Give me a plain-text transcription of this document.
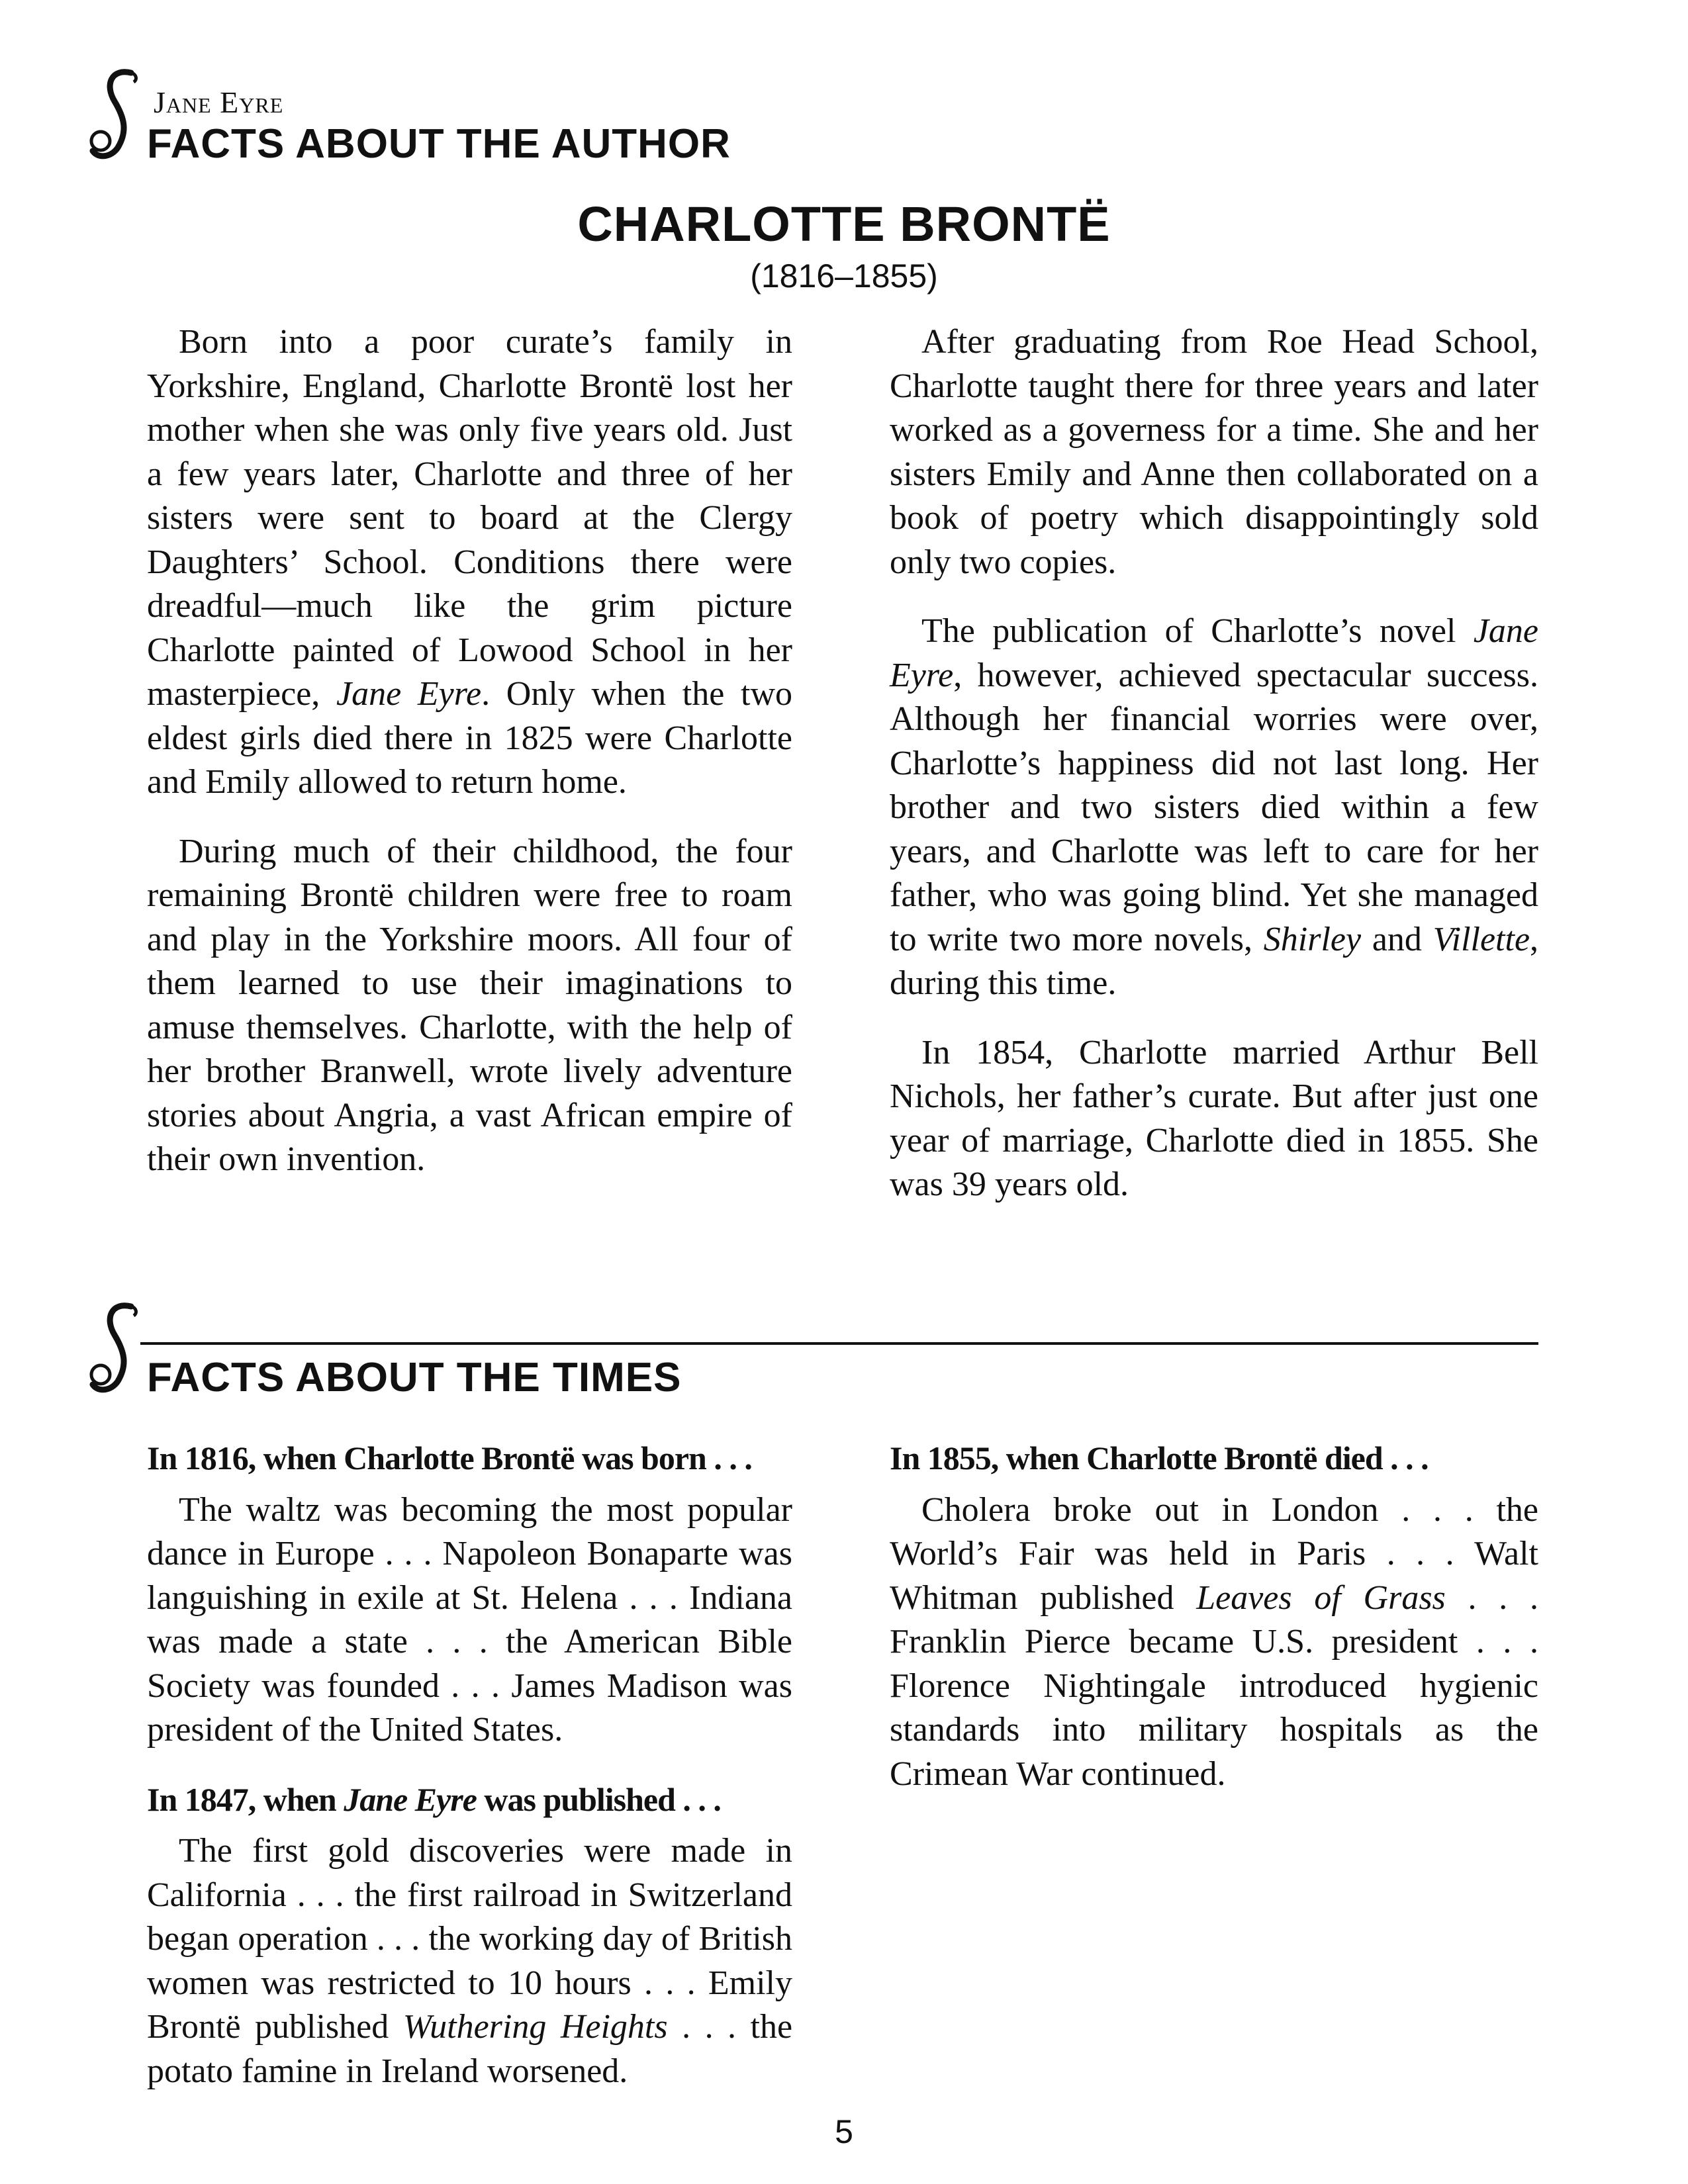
Jane Eyre
FACTS ABOUT THE AUTHOR
CHARLOTTE BRONTË
(1816–1855)

Born into a poor curate’s family in Yorkshire, England, Charlotte Brontë lost her mother when she was only five years old. Just a few years later, Charlotte and three of her sisters were sent to board at the Clergy Daughters’ School. Conditions there were dreadful—much like the grim picture Charlotte painted of Lowood School in her masterpiece, Jane Eyre. Only when the two eldest girls died there in 1825 were Charlotte and Emily allowed to return home.

During much of their childhood, the four remaining Brontë children were free to roam and play in the Yorkshire moors. All four of them learned to use their imaginations to amuse themselves. Charlotte, with the help of her brother Branwell, wrote lively adventure stories about Angria, a vast African empire of their own invention.

After graduating from Roe Head School, Charlotte taught there for three years and later worked as a governess for a time. She and her sisters Emily and Anne then collaborated on a book of poetry which disappointingly sold only two copies.

The publication of Charlotte’s novel Jane Eyre, however, achieved spectacular success. Although her financial worries were over, Charlotte’s happiness did not last long. Her brother and two sisters died within a few years, and Charlotte was left to care for her father, who was going blind. Yet she managed to write two more novels, Shirley and Villette, during this time.

In 1854, Charlotte married Arthur Bell Nichols, her father’s curate. But after just one year of marriage, Charlotte died in 1855. She was 39 years old.

FACTS ABOUT THE TIMES
In 1816, when Charlotte Brontë was born . . .

The waltz was becoming the most popular dance in Europe . . . Napoleon Bonaparte was languishing in exile at St. Helena . . . Indiana was made a state . . . the American Bible Society was founded . . . James Madison was president of the United States.

In 1847, when Jane Eyre was published . . .

The first gold discoveries were made in California . . . the first railroad in Switzerland began operation . . . the working day of British women was restricted to 10 hours . . . Emily Brontë published Wuthering Heights . . . the potato famine in Ireland worsened.

In 1855, when Charlotte Brontë died . . .

Cholera broke out in London . . . the World’s Fair was held in Paris . . . Walt Whitman published Leaves of Grass . . . Franklin Pierce became U.S. president . . . Florence Nightingale introduced hygienic standards into military hospitals as the Crimean War continued.

5
